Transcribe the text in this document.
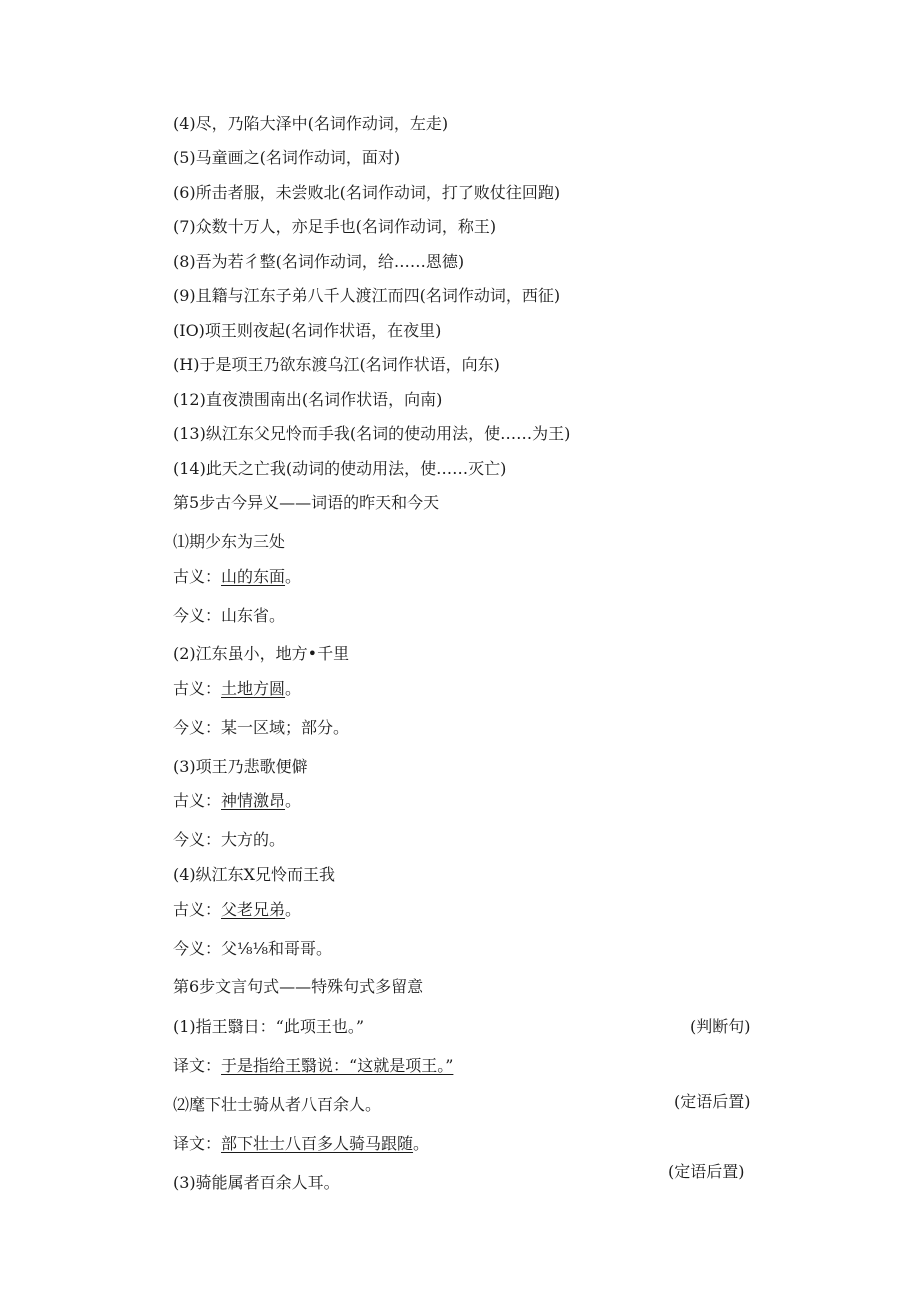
(4)尽，乃陷大泽中(名词作动词，左走)
(5)马童画之(名词作动词，面对)
(6)所击者服，未尝败北(名词作动词，打了败仗往回跑)
(7)众数十万人，亦足手也(名词作动词，称王)
(8)吾为若彳整(名词作动词，给……恩德)
(9)且籍与江东子弟八千人渡江而四(名词作动词，西征)
(IO)项王则夜起(名词作状语，在夜里)
(H)于是项王乃欲东渡乌江(名词作状语，向东)
(12)直夜溃围南出(名词作状语，向南)
(13)纵江东父兄怜而手我(名词的使动用法，使……为王)
(14)此天之亡我(动词的使动用法，使……灭亡)
第5步古今异义——词语的昨天和今天
⑴期少东为三处
古义：山的东面。
今义：山东省。
(2)江东虽小，地方•千里
古义：土地方圆。
今义：某一区域；部分。
(3)项王乃悲歌便僻
古义：神情激昂。
今义：大方的。
(4)纵江东X兄怜而王我
古义：父老兄弟。
今义：父⅛⅛和哥哥。
第6步文言句式——特殊句式多留意
(1)指王翳日：“此项王也。”	(判断句)
译文：于是指给王翳说：“这就是项王。”
⑵麾下壮士骑从者八百余人。	(定语后置)
译文：部下壮士八百多人骑马跟随。
(3)骑能属者百余人耳。
(定语后置)
